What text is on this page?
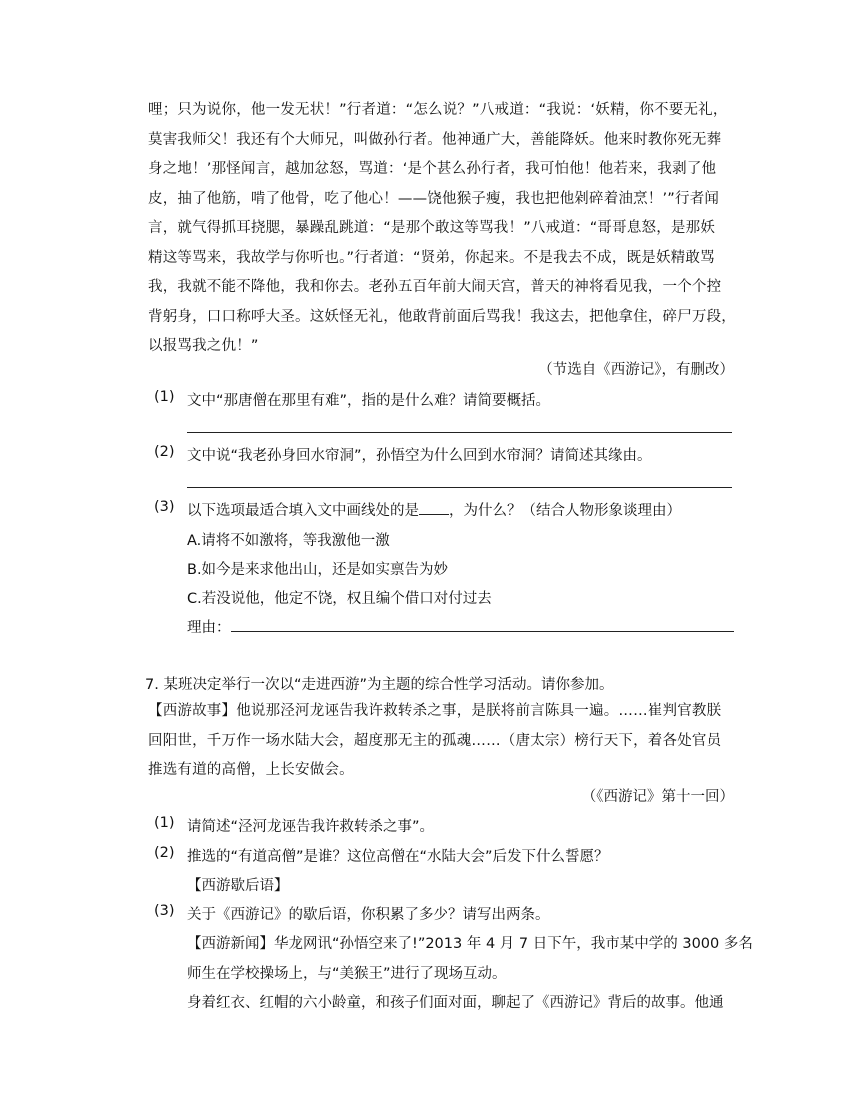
哩；只为说你，他一发无状！”行者道：“怎么说？”八戒道：“我说：‘妖精，你不要无礼，
莫害我师父！我还有个大师兄，叫做孙行者。他神通广大，善能降妖。他来时教你死无葬
身之地！’那怪闻言，越加忿怒，骂道：‘是个甚么孙行者，我可怕他！他若来，我剥了他
皮，抽了他筋，啃了他骨，吃了他心！——饶他猴子瘦，我也把他剁碎着油烹！’”行者闻
言，就气得抓耳挠腮，暴躁乱跳道：“是那个敢这等骂我！”八戒道：“哥哥息怒，是那妖
精这等骂来，我故学与你听也。”行者道：“贤弟，你起来。不是我去不成，既是妖精敢骂
我，我就不能不降他，我和你去。老孙五百年前大闹天宫，普天的神将看见我，一个个控
背躬身，口口称呼大圣。这妖怪无礼，他敢背前面后骂我！我这去，把他拿住，碎尸万段，
以报骂我之仇！”
（节选自《西游记》，有删改）
(1) 文中“那唐僧在那里有难”，指的是什么难？请简要概括。
(2) 文中说“我老孙身回水帘洞”，孙悟空为什么回到水帘洞？请简述其缘由。
(3) 以下选项最适合填入文中画线处的是 ，为什么？（结合人物形象谈理由）
A.请将不如激将，等我激他一激
B.如今是来求他出山，还是如实禀告为妙
C.若没说他，他定不饶，权且编个借口对付过去
理由：
7. 某班决定举行一次以“走进西游”为主题的综合性学习活动。请你参加。
【西游故事】他说那泾河龙诬告我许救转杀之事，是朕将前言陈具一遍。……崔判官教朕
回阳世，千万作一场水陆大会，超度那无主的孤魂……（唐太宗）榜行天下，着各处官员
推选有道的高僧，上长安做会。
（《西游记》第十一回）
(1) 请简述“泾河龙诬告我许救转杀之事”。
(2) 推选的“有道高僧”是谁？这位高僧在“水陆大会”后发下什么誓愿？
【西游歇后语】
(3) 关于《西游记》的歇后语，你积累了多少？请写出两条。
【西游新闻】华龙网讯“孙悟空来了!”2013 年 4 月 7 日下午，我市某中学的 3000 多名
师生在学校操场上，与“美猴王”进行了现场互动。
身着红衣、红帽的六小龄童，和孩子们面对面，聊起了《西游记》背后的故事。他通
